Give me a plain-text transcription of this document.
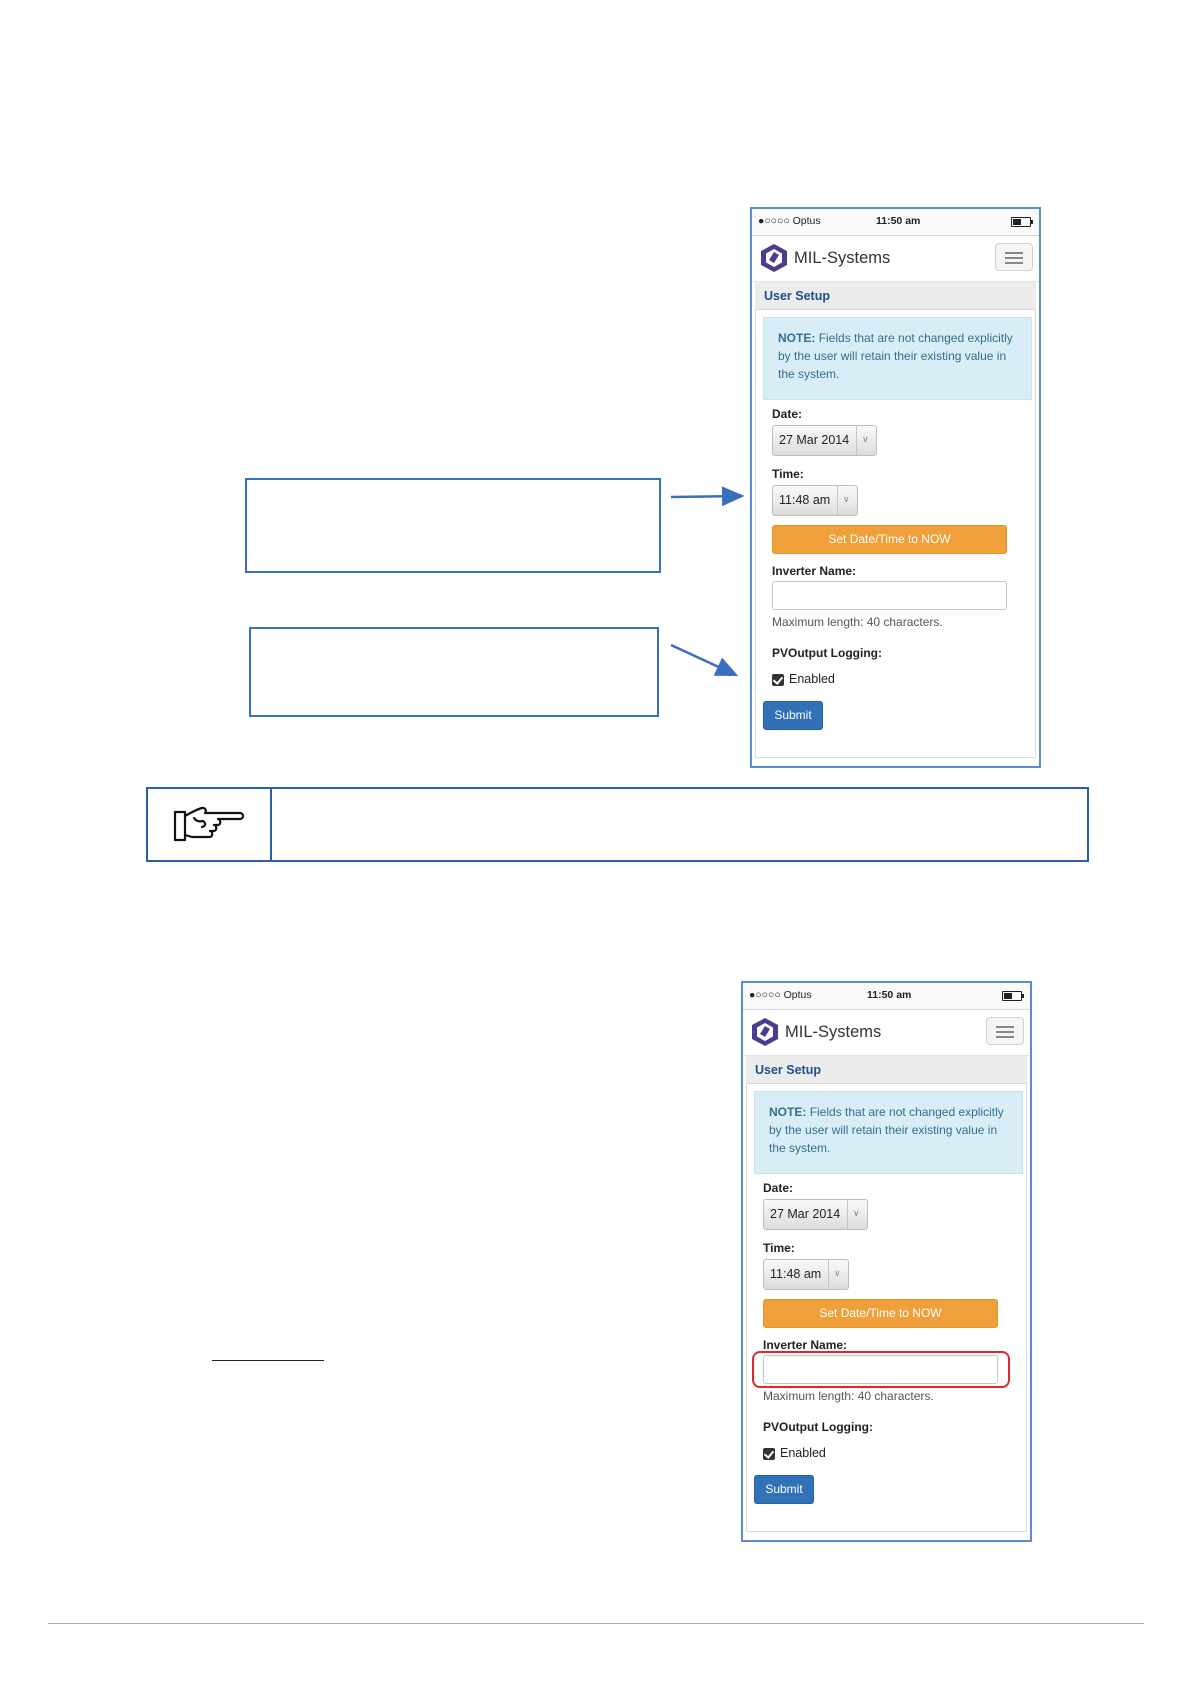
●○○○○ Optus	11:50 am
MIL-Systems
User Setup
NOTE: Fields that are not changed explicitly by the user will retain their existing value in the system.
Date:
27 Mar 2014
∨
Time:
11:48 am
∨
Set Date/Time to NOW
Inverter Name:
Maximum length: 40 characters.
PVOutput Logging:
Enabled
Submit
●○○○○ Optus	11:50 am
MIL-Systems
User Setup
NOTE: Fields that are not changed explicitly by the user will retain their existing value in the system.
Date:
27 Mar 2014
∨
Time:
11:48 am
∨
Set Date/Time to NOW
Inverter Name:
Maximum length: 40 characters.
PVOutput Logging:
Enabled
Submit
